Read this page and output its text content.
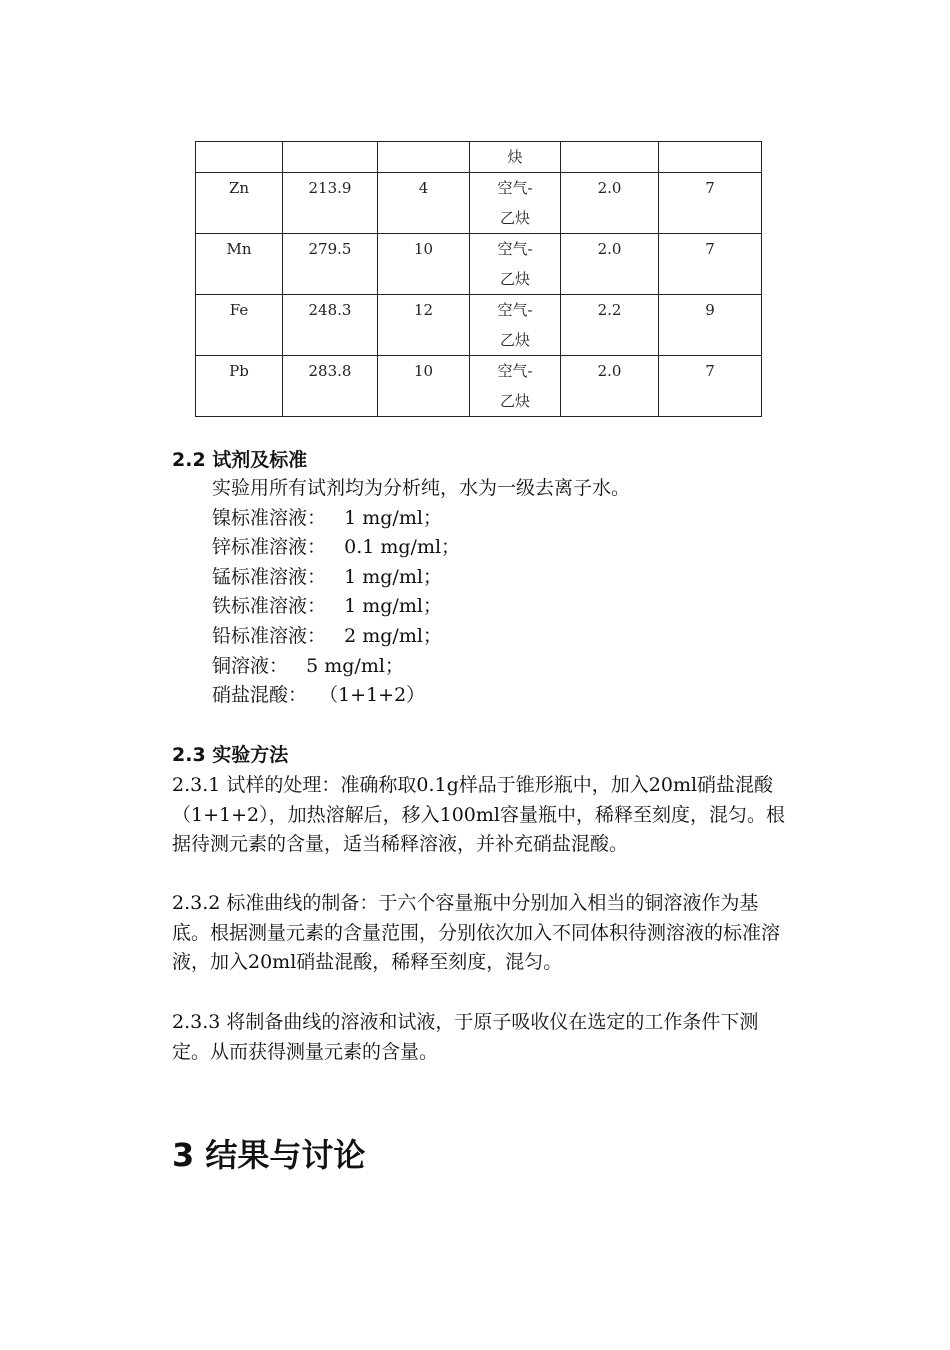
			炔		

Zn	213.9	4	空气-乙炔	2.0	7

Mn	279.5	10	空气-乙炔	2.0	7

Fe	248.3	12	空气-乙炔	2.2	9

Pb	283.8	10	空气-乙炔	2.0	7
2.2 试剂及标准
实验用所有试剂均为分析纯，水为一级去离子水。
镍标准溶液：   1 mg/ml；
锌标准溶液：   0.1 mg/ml；
锰标准溶液：   1 mg/ml；
铁标准溶液：   1 mg/ml；
铅标准溶液：   2 mg/ml；
铜溶液：   5 mg/ml；
硝盐混酸：  （1+1+2）
2.3 实验方法

2.3.1 试样的处理：准确称取0.1g样品于锥形瓶中，加入20ml硝盐混酸（1+1+2），加热溶解后，移入100ml容量瓶中，稀释至刻度，混匀。根据待测元素的含量，适当稀释溶液，并补充硝盐混酸。

2.3.2 标准曲线的制备：于六个容量瓶中分别加入相当的铜溶液作为基底。根据测量元素的含量范围，分别依次加入不同体积待测溶液的标准溶液，加入20ml硝盐混酸，稀释至刻度，混匀。

2.3.3 将制备曲线的溶液和试液，于原子吸收仪在选定的工作条件下测定。从而获得测量元素的含量。

3 结果与讨论
